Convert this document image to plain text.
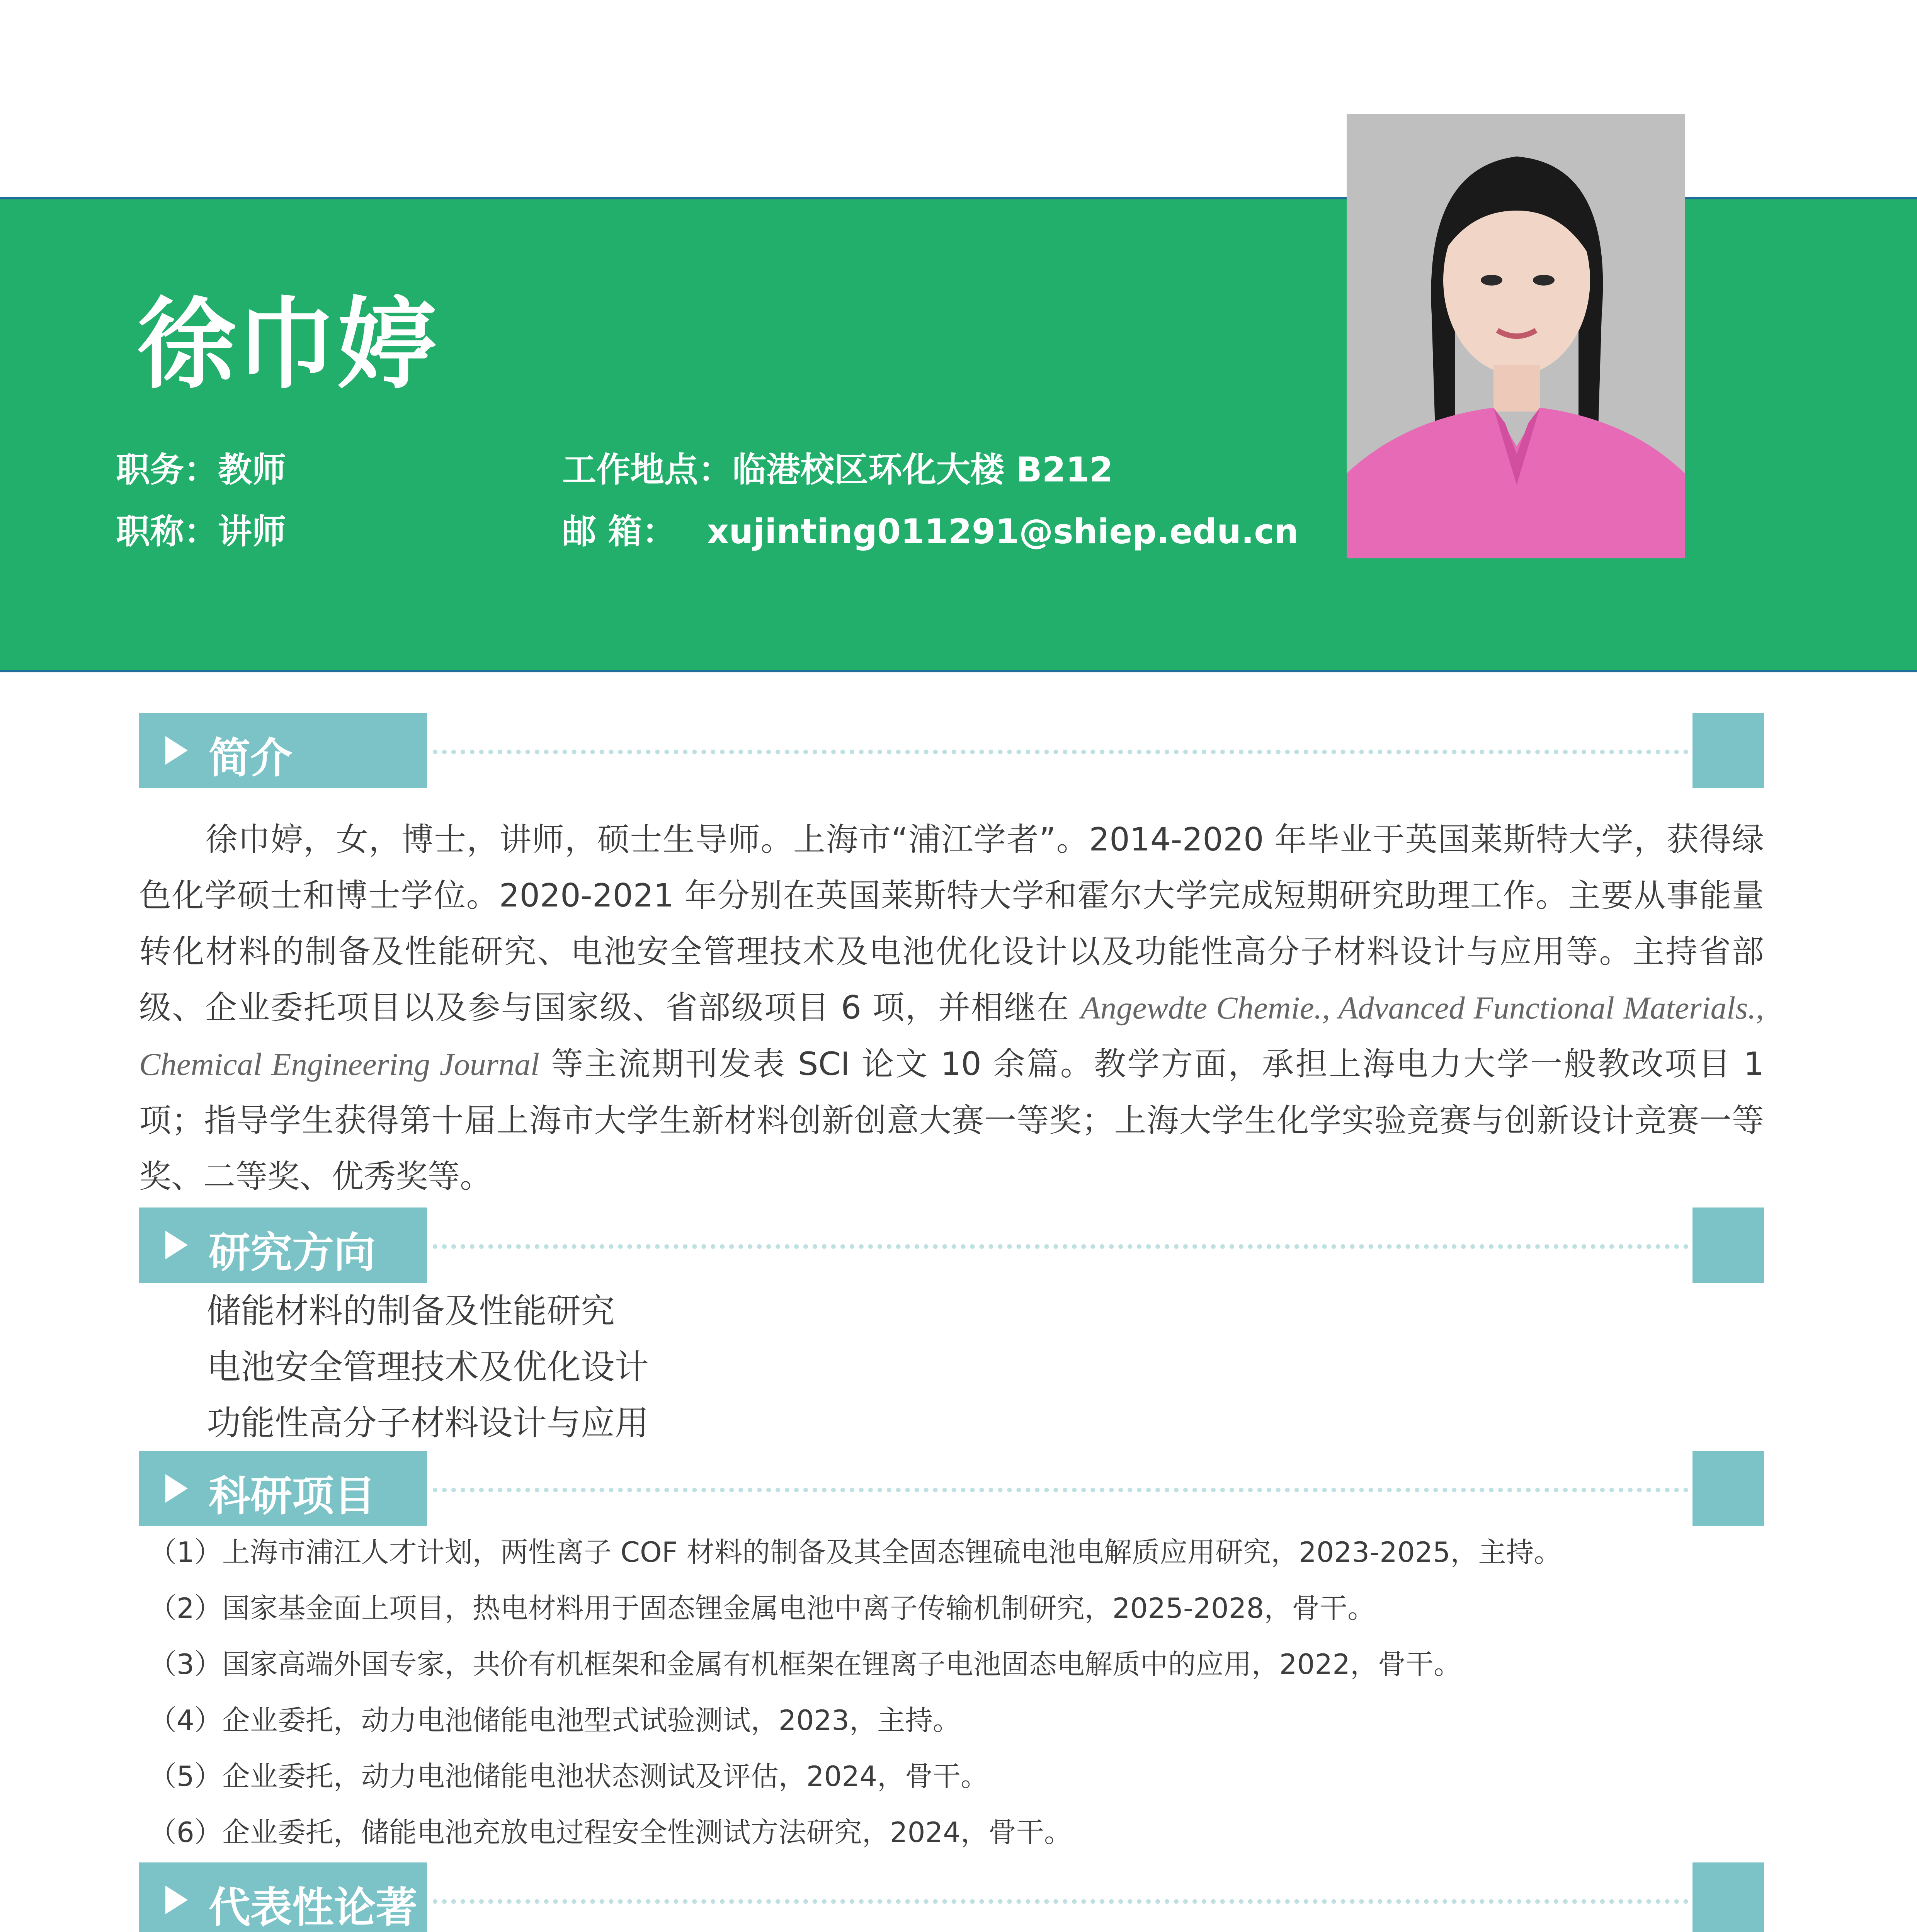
徐巾婷
职务：教师
职称：讲师
工作地点：临港校区环化大楼 B212
邮 箱： xujinting011291@shiep.edu.cn
简介
徐巾婷，女，博士，讲师，硕士生导师。上海市“浦江学者”。2014-2020 年毕业于英国莱斯特大学，获得绿色化学硕士和博士学位。2020-2021 年分别在英国莱斯特大学和霍尔大学完成短期研究助理工作。主要从事能量转化材料的制备及性能研究、电池安全管理技术及电池优化设计以及功能性高分子材料设计与应用等。主持省部级、企业委托项目以及参与国家级、省部级项目 6 项，并相继在 Angewdte Chemie., Advanced Functional Materials., Chemical Engineering Journal 等主流期刊发表 SCI 论文 10 余篇。教学方面，承担上海电力大学一般教改项目 1 项；指导学生获得第十届上海市大学生新材料创新创意大赛一等奖；上海大学生化学实验竞赛与创新设计竞赛一等奖、二等奖、优秀奖等。
研究方向
储能材料的制备及性能研究
电池安全管理技术及优化设计
功能性高分子材料设计与应用
科研项目
（1）上海市浦江人才计划，两性离子 COF 材料的制备及其全固态锂硫电池电解质应用研究，2023-2025，主持。
（2）国家基金面上项目，热电材料用于固态锂金属电池中离子传输机制研究，2025-2028，骨干。
（3）国家高端外国专家，共价有机框架和金属有机框架在锂离子电池固态电解质中的应用，2022，骨干。
（4）企业委托，动力电池储能电池型式试验测试，2023，主持。
（5）企业委托，动力电池储能电池状态测试及评估，2024，骨干。
（6）企业委托，储能电池充放电过程安全性测试方法研究，2024，骨干。
代表性论著
